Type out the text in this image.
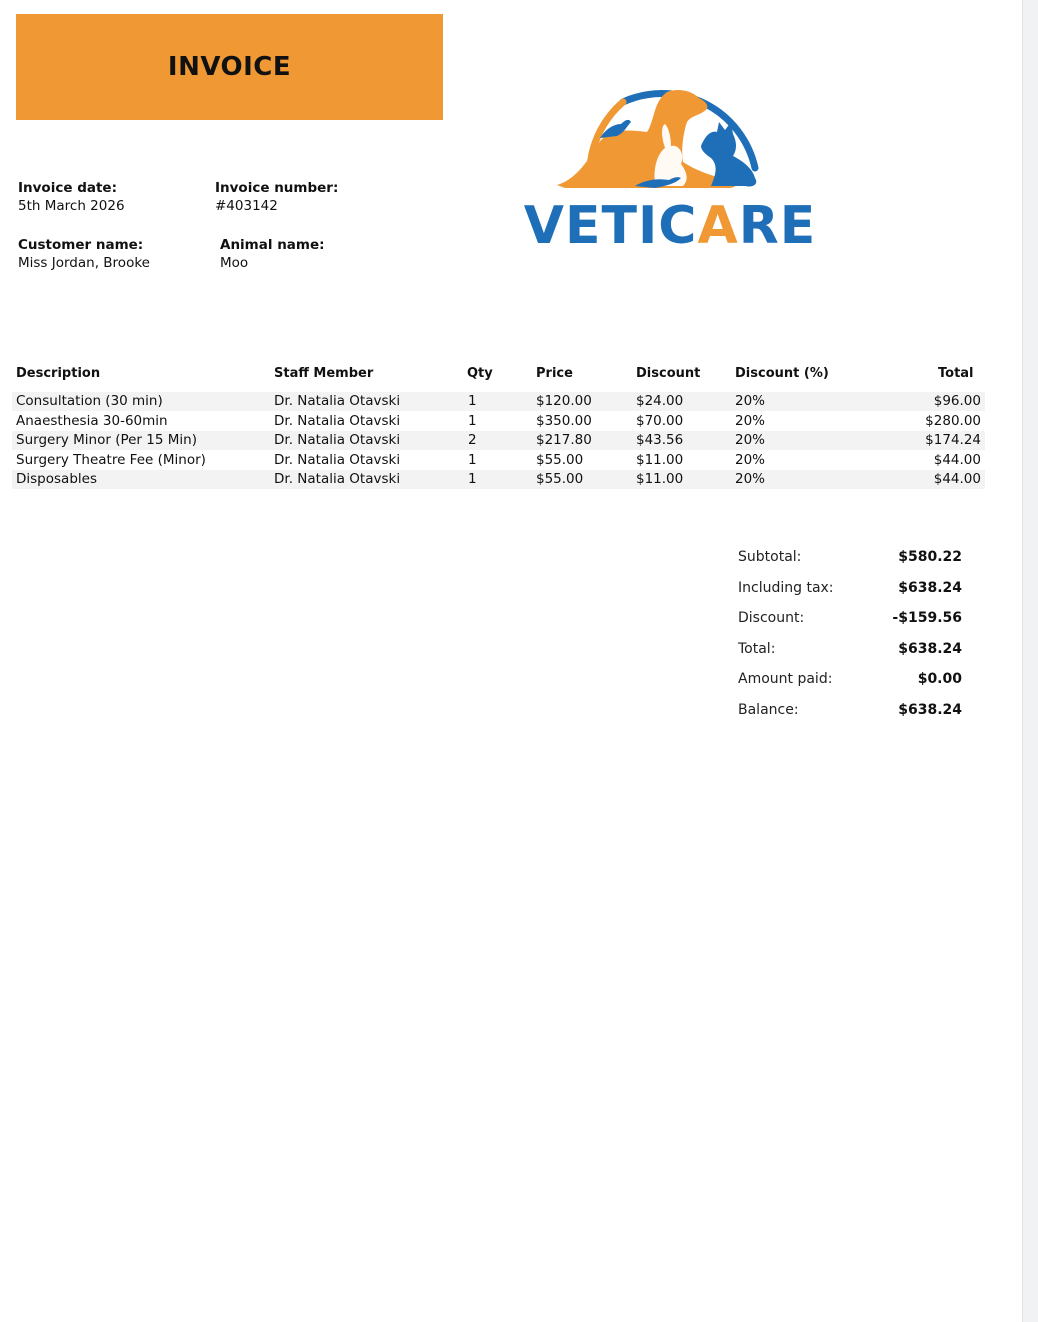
INVOICE
Invoice date:
5th March 2026
Invoice number:
#403142
Customer name:
Miss Jordan, Brooke
Animal name:
Moo
VETICARE
Description	Staff Member	Qty	Price	Discount	Discount (%)	Total
Consultation (30 min)	Dr. Natalia Otavski	1	$120.00	$24.00	20%	$96.00
Anaesthesia 30-60min	Dr. Natalia Otavski	1	$350.00	$70.00	20%	$280.00
Surgery Minor (Per 15 Min)	Dr. Natalia Otavski	2	$217.80	$43.56	20%	$174.24
Surgery Theatre Fee (Minor)	Dr. Natalia Otavski	1	$55.00	$11.00	20%	$44.00
Disposables	Dr. Natalia Otavski	1	$55.00	$11.00	20%	$44.00
Subtotal:	$580.22
Including tax:	$638.24
Discount:	-$159.56
Total:	$638.24
Amount paid:	$0.00
Balance:	$638.24
